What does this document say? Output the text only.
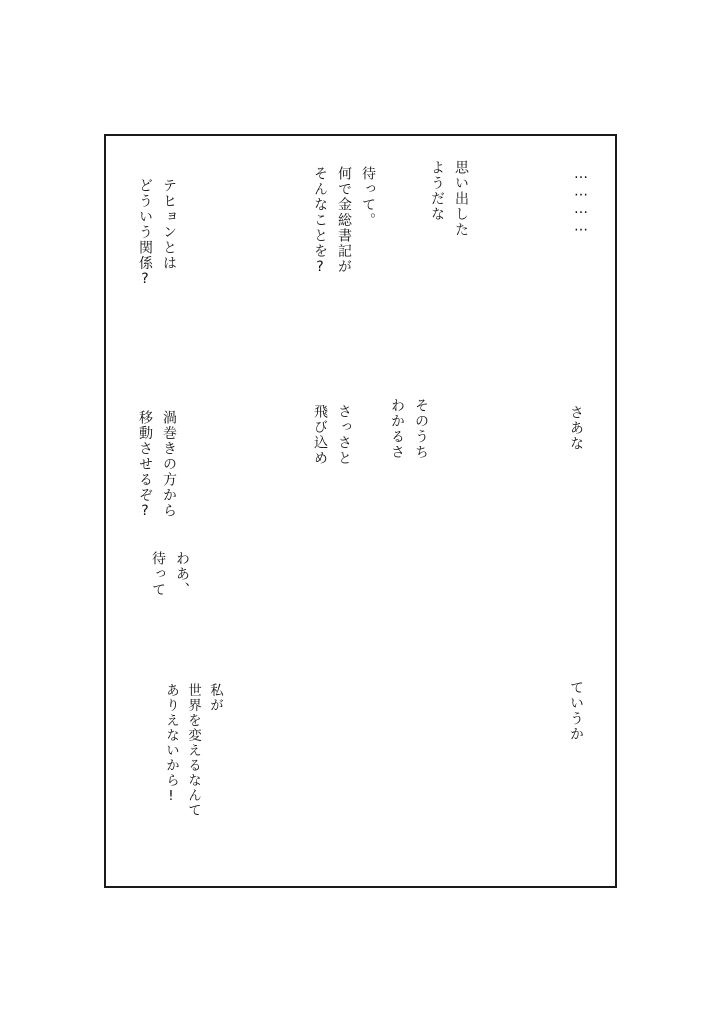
…………
思い出した
ようだな
待って。
何で金総書記が
そんなことを?
テヒョンとは
どういう関係?
さあな
そのうち
わかるさ
さっさと
飛び込め
渦巻きの方から
移動させるぞ?
わあ、
待って
ていうか
私が
世界を変えるなんて
ありえないから!
